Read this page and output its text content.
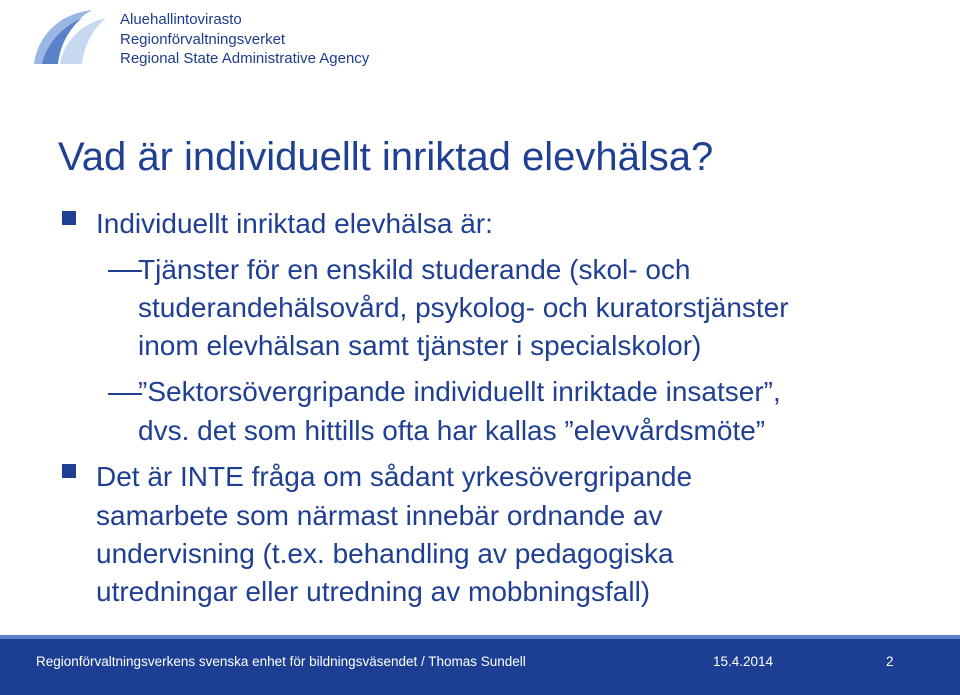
Aluehallintovirasto
Regionförvaltningsverket
Regional State Administrative Agency
Vad är individuellt inriktad elevhälsa?
Individuellt inriktad elevhälsa är:
Tjänster för en enskild studerande (skol- och
studerandehälsovård, psykolog- och kuratorstjänster
inom elevhälsan samt tjänster i specialskolor)
”Sektorsövergripande individuellt inriktade insatser”,
dvs. det som hittills ofta har kallas ”elevvårdsmöte”
Det är INTE fråga om sådant yrkesövergripande
samarbete som närmast innebär ordnande av
undervisning (t.ex. behandling av pedagogiska
utredningar eller utredning av mobbningsfall)
Regionförvaltningsverkens svenska enhet för bildningsväsendet / Thomas Sundell	15.4.2014	2
